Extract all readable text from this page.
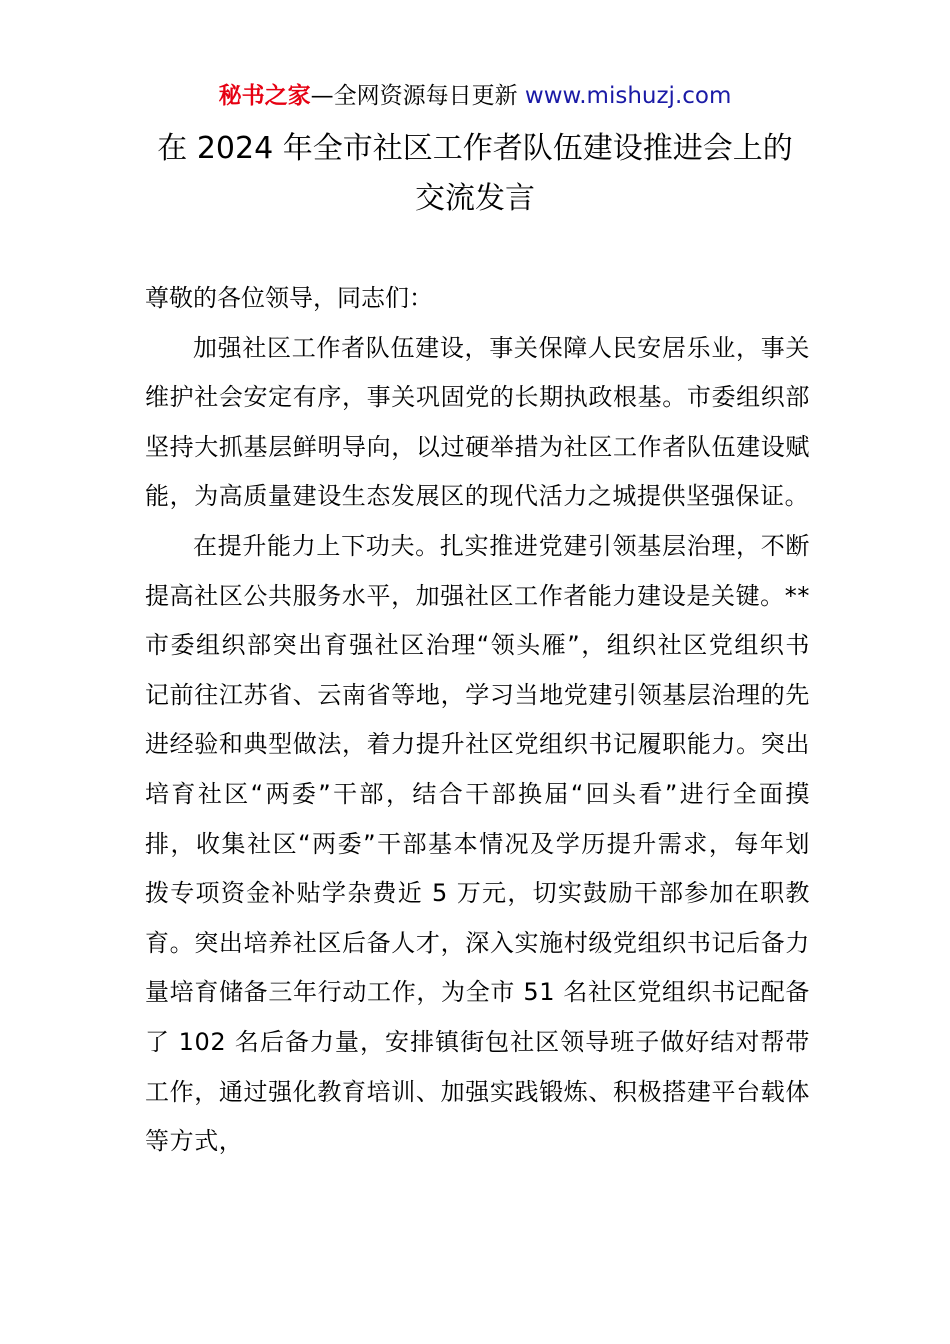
秘书之家—全网资源每日更新 www.mishuzj.com
在 2024 年全市社区工作者队伍建设推进会上的
交流发言
尊敬的各位领导，同志们：

加强社区工作者队伍建设，事关保障人民安居乐业，事关维护社会安定有序，事关巩固党的长期执政根基。市委组织部坚持大抓基层鲜明导向，以过硬举措为社区工作者队伍建设赋能，为高质量建设生态发展区的现代活力之城提供坚强保证。

在提升能力上下功夫。扎实推进党建引领基层治理，不断提高社区公共服务水平，加强社区工作者能力建设是关键。**市委组织部突出育强社区治理“领头雁”，组织社区党组织书记前往江苏省、云南省等地，学习当地党建引领基层治理的先进经验和典型做法，着力提升社区党组织书记履职能力。突出培育社区“两委”干部，结合干部换届“回头看”进行全面摸排，收集社区“两委”干部基本情况及学历提升需求，每年划拨专项资金补贴学杂费近 5 万元，切实鼓励干部参加在职教育。突出培养社区后备人才，深入实施村级党组织书记后备力量培育储备三年行动工作，为全市 51 名社区党组织书记配备了 102 名后备力量，安排镇街包社区领导班子做好结对帮带工作，通过强化教育培训、加强实践锻炼、积极搭建平台载体等方式，
